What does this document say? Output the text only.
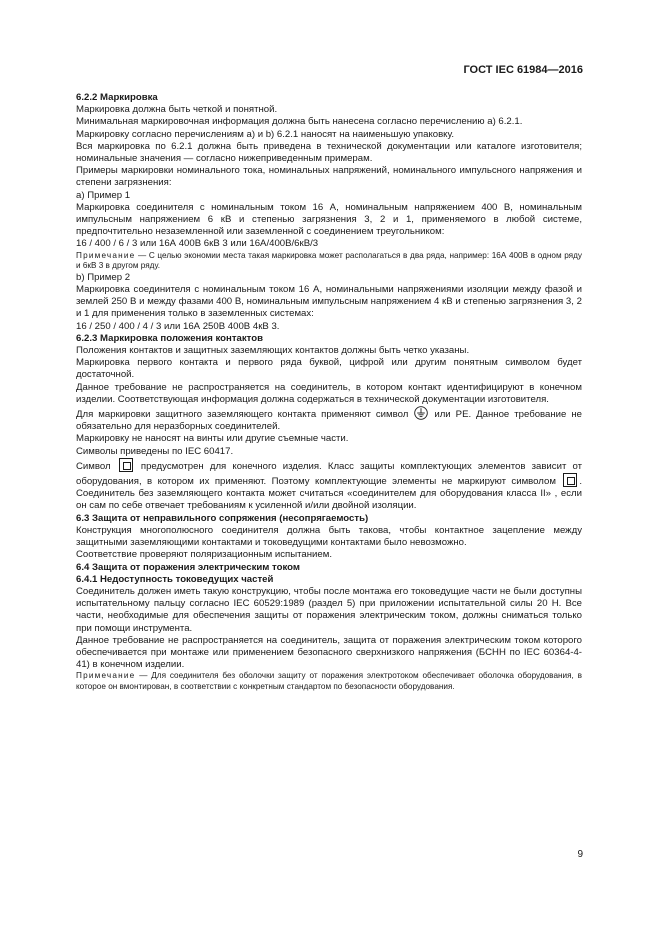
ГОСТ IEC 61984—2016

6.2.2 Маркировка

Маркировка должна быть четкой и понятной.

Минимальная маркировочная информация должна быть нанесена согласно перечислению а) 6.2.1.

Маркировку согласно перечислениям а) и b) 6.2.1 наносят на наименьшую упаковку.

Вся маркировка по 6.2.1 должна быть приведена в технической документации или каталоге изготовителя; номинальные значения — согласно нижеприведенным примерам.

Примеры маркировки номинального тока, номинальных напряжений, номинального импульсного напряжения и степени загрязнения:

а) Пример 1

Маркировка соединителя с номинальным током 16 А, номинальным напряжением 400 В, номинальным импульсным напряжением 6 кВ и степенью загрязнения 3, 2 и 1, применяемого в любой системе, предпочтительно незаземленной или заземленной с соединением треугольником:

16 / 400 / 6 / 3 или 16А 400В 6кВ 3 или 16А/400В/6кВ/3

Примечание — С целью экономии места такая маркировка может располагаться в два ряда, например: 16А 400В в одном ряду и 6кВ 3 в другом ряду.

b) Пример 2

Маркировка соединителя с номинальным током 16 А, номинальными напряжениями изоляции между фазой и землей 250 В и между фазами 400 В, номинальным импульсным напряжением 4 кВ и степенью загрязнения 3, 2 и 1 для применения только в заземленных системах:

16 / 250 / 400 / 4 / 3 или 16А 250В 400В 4кВ 3.

6.2.3 Маркировка положения контактов

Положения контактов и защитных заземляющих контактов должны быть четко указаны.

Маркировка первого контакта и первого ряда буквой, цифрой или другим понятным символом будет достаточной.

Данное требование не распространяется на соединитель, в котором контакт идентифицируют в конечном изделии. Соответствующая информация должна содержаться в технической документации изготовителя.

Для маркировки защитного заземляющего контакта применяют символ  или РЕ. Данное требование не обязательно для неразборных соединителей.

Маркировку не наносят на винты или другие съемные части.

Символы приведены по IEC 60417.

Символ
предусмотрен для конечного изделия. Класс защиты комплектующих элементов зависит от оборудования, в котором их применяют. Поэтому комплектующие элементы не маркируют символом
. Соединитель без заземляющего контакта может считаться «соединителем для оборудования класса II» , если он сам по себе отвечает требованиям к усиленной и/или двойной изоляции.

6.3 Защита от неправильного сопряжения (несопрягаемость)

Конструкция многополюсного соединителя должна быть такова, чтобы контактное зацепление между защитными заземляющими контактами и токоведущими контактами было невозможно.

Соответствие проверяют поляризационным испытанием.

6.4 Защита от поражения электрическим током

6.4.1 Недоступность токоведущих частей

Соединитель должен иметь такую конструкцию, чтобы после монтажа его токоведущие части не были доступны испытательному пальцу согласно IEC 60529:1989 (раздел 5) при приложении испытательной силы 20 Н. Все части, необходимые для обеспечения защиты от поражения электрическим током, должны сниматься только при помощи инструмента.

Данное требование не распространяется на соединитель, защита от поражения электрическим током которого обеспечивается при монтаже или применением безопасного сверхнизкого напряжения (БСНН по IEC 60364-4-41) в конечном изделии.

Примечание — Для соединителя без оболочки защиту от поражения электротоком обеспечивает оболочка оборудования, в которое он вмонтирован, в соответствии с конкретным стандартом по безопасности оборудования.

9
